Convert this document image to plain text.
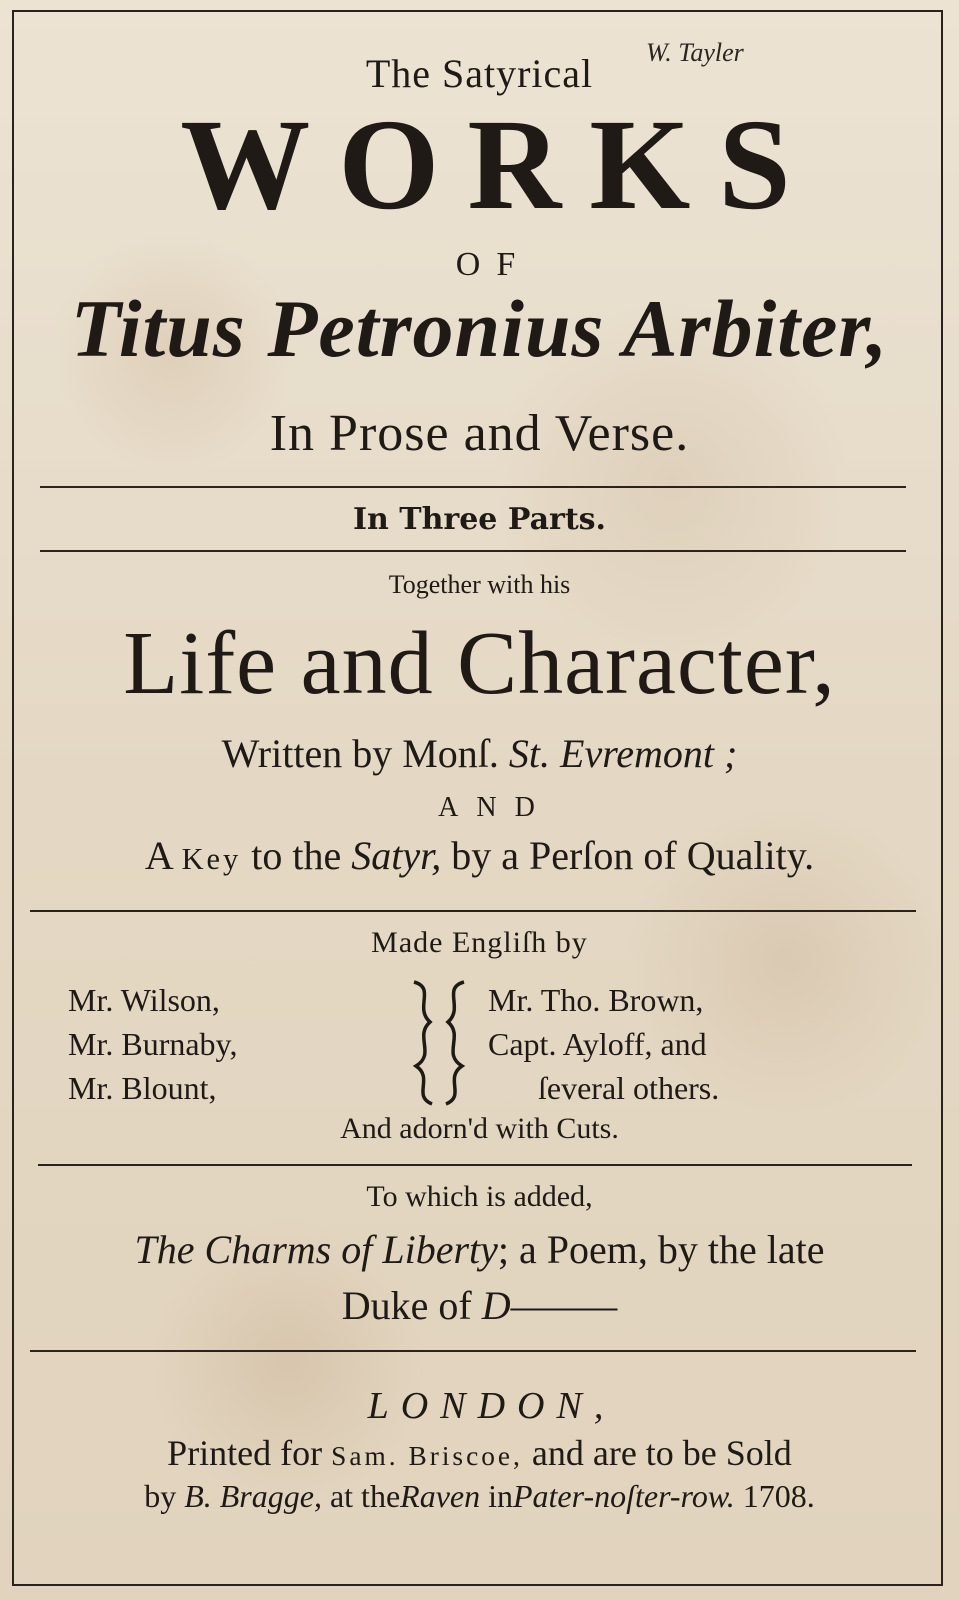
The Satyrical	W. Tayler
WORKS
OF
Titus Petronius Arbiter,
In Prose and Verse.
In Three Parts.
Together with his
Life and Character,
Written by Monſ. St. Evremont ;
AND
A Key to the Satyr, by a Perſon of Quality.
Made Engliſh by
Mr. Wilson,
Mr. Burnaby,
Mr. Blount,
Mr. Tho. Brown,
Capt. Ayloff, and
ſeveral others.
And adorn'd with Cuts.
To which is added,
The Charms of Liberty; a Poem, by the late
Duke of D———
LONDON,
Printed for Sam. Briscoe, and are to be Sold
by B. Bragge, at theRaven inPater-noſter-row. 1708.
